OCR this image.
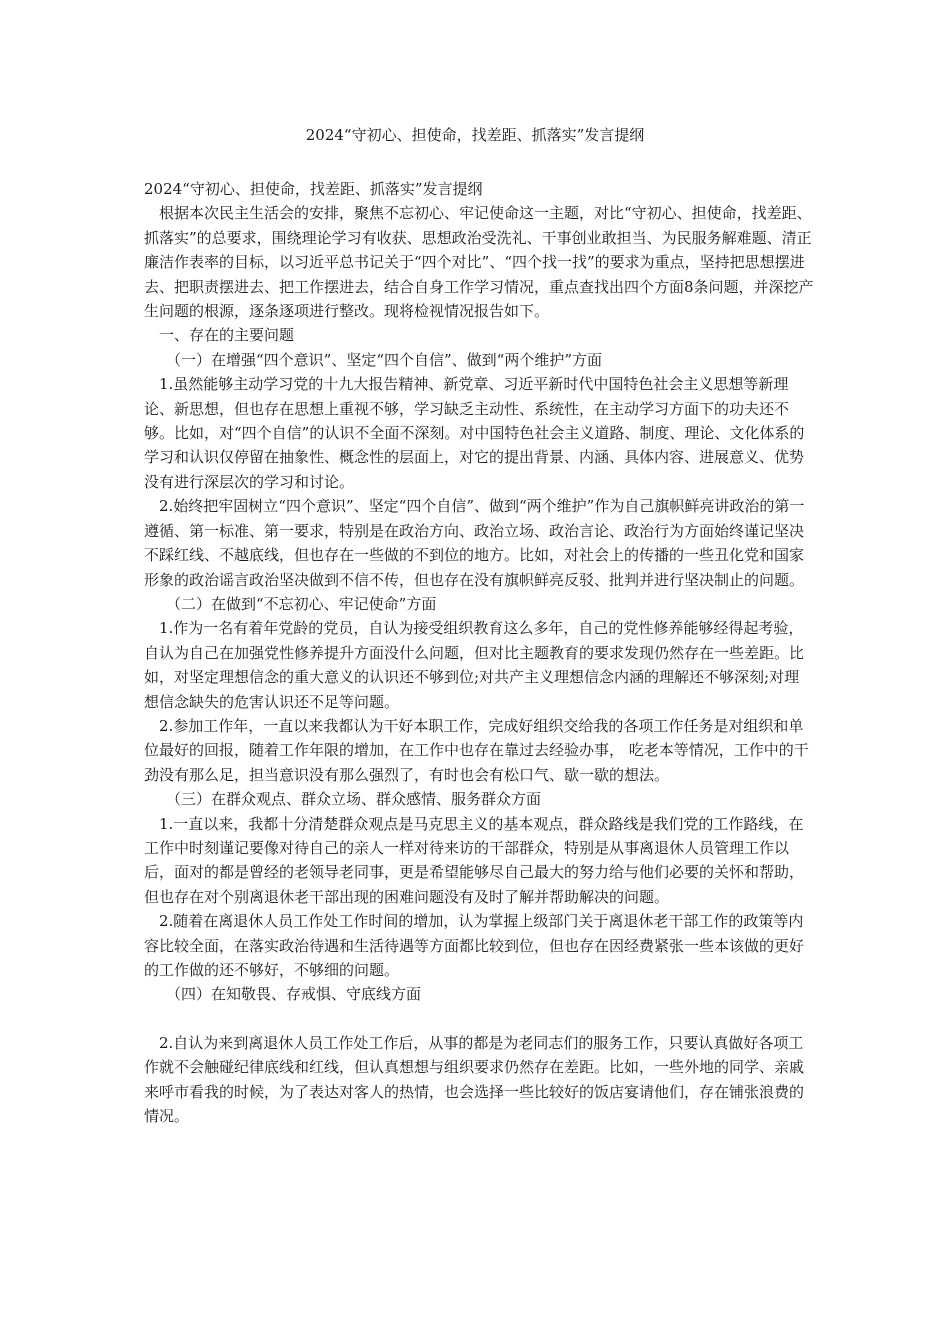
2024“守初心、担使命，找差距、抓落实”发言提纲

2024“守初心、担使命，找差距、抓落实”发言提纲

根据本次民主生活会的安排，聚焦不忘初心、牢记使命这一主题，对比“守初心、担使命，找差距、抓落实”的总要求，围绕理论学习有收获、思想政治受洗礼、干事创业敢担当、为民服务解难题、清正廉洁作表率的目标，以习近平总书记关于“四个对比”、“四个找一找”的要求为重点，坚持把思想摆进去、把职责摆进去、把工作摆进去，结合自身工作学习情况，重点查找出四个方面8条问题，并深挖产生问题的根源，逐条逐项进行整改。现将检视情况报告如下。

一、存在的主要问题

（一）在增强“四个意识”、坚定“四个自信”、做到“两个维护”方面

1.虽然能够主动学习党的十九大报告精神、新党章、习近平新时代中国特色社会主义思想等新理论、新思想，但也存在思想上重视不够，学习缺乏主动性、系统性，在主动学习方面下的功夫还不够。比如，对“四个自信”的认识不全面不深刻。对中国特色社会主义道路、制度、理论、文化体系的学习和认识仅停留在抽象性、概念性的层面上，对它的提出背景、内涵、具体内容、进展意义、优势没有进行深层次的学习和讨论。

2.始终把牢固树立“四个意识”、坚定“四个自信”、做到“两个维护”作为自己旗帜鲜亮讲政治的第一遵循、第一标准、第一要求，特别是在政治方向、政治立场、政治言论、政治行为方面始终谨记坚决不踩红线、不越底线，但也存在一些做的不到位的地方。比如，对社会上的传播的一些丑化党和国家形象的政治谣言政治坚决做到不信不传，但也存在没有旗帜鲜亮反驳、批判并进行坚决制止的问题。

（二）在做到“不忘初心、牢记使命”方面

1.作为一名有着年党龄的党员，自认为接受组织教育这么多年，自己的党性修养能够经得起考验，自认为自己在加强党性修养提升方面没什么问题，但对比主题教育的要求发现仍然存在一些差距。比如，对坚定理想信念的重大意义的认识还不够到位;对共产主义理想信念内涵的理解还不够深刻;对理想信念缺失的危害认识还不足等问题。

2.参加工作年，一直以来我都认为干好本职工作，完成好组织交给我的各项工作任务是对组织和单位最好的回报，随着工作年限的增加，在工作中也存在靠过去经验办事， 吃老本等情况，工作中的干劲没有那么足，担当意识没有那么强烈了，有时也会有松口气、歇一歇的想法。

（三）在群众观点、群众立场、群众感情、服务群众方面

1.一直以来，我都十分清楚群众观点是马克思主义的基本观点，群众路线是我们党的工作路线，在工作中时刻谨记要像对待自己的亲人一样对待来访的干部群众，特别是从事离退休人员管理工作以后，面对的都是曾经的老领导老同事，更是希望能够尽自己最大的努力给与他们必要的关怀和帮助，但也存在对个别离退休老干部出现的困难问题没有及时了解并帮助解决的问题。

2.随着在离退休人员工作处工作时间的增加，认为掌握上级部门关于离退休老干部工作的政策等内容比较全面，在落实政治待遇和生活待遇等方面都比较到位，但也存在因经费紧张一些本该做的更好的工作做的还不够好，不够细的问题。

（四）在知敬畏、存戒惧、守底线方面

2.自认为来到离退休人员工作处工作后，从事的都是为老同志们的服务工作，只要认真做好各项工作就不会触碰纪律底线和红线，但认真想想与组织要求仍然存在差距。比如，一些外地的同学、亲戚来呼市看我的时候，为了表达对客人的热情，也会选择一些比较好的饭店宴请他们，存在铺张浪费的情况。
